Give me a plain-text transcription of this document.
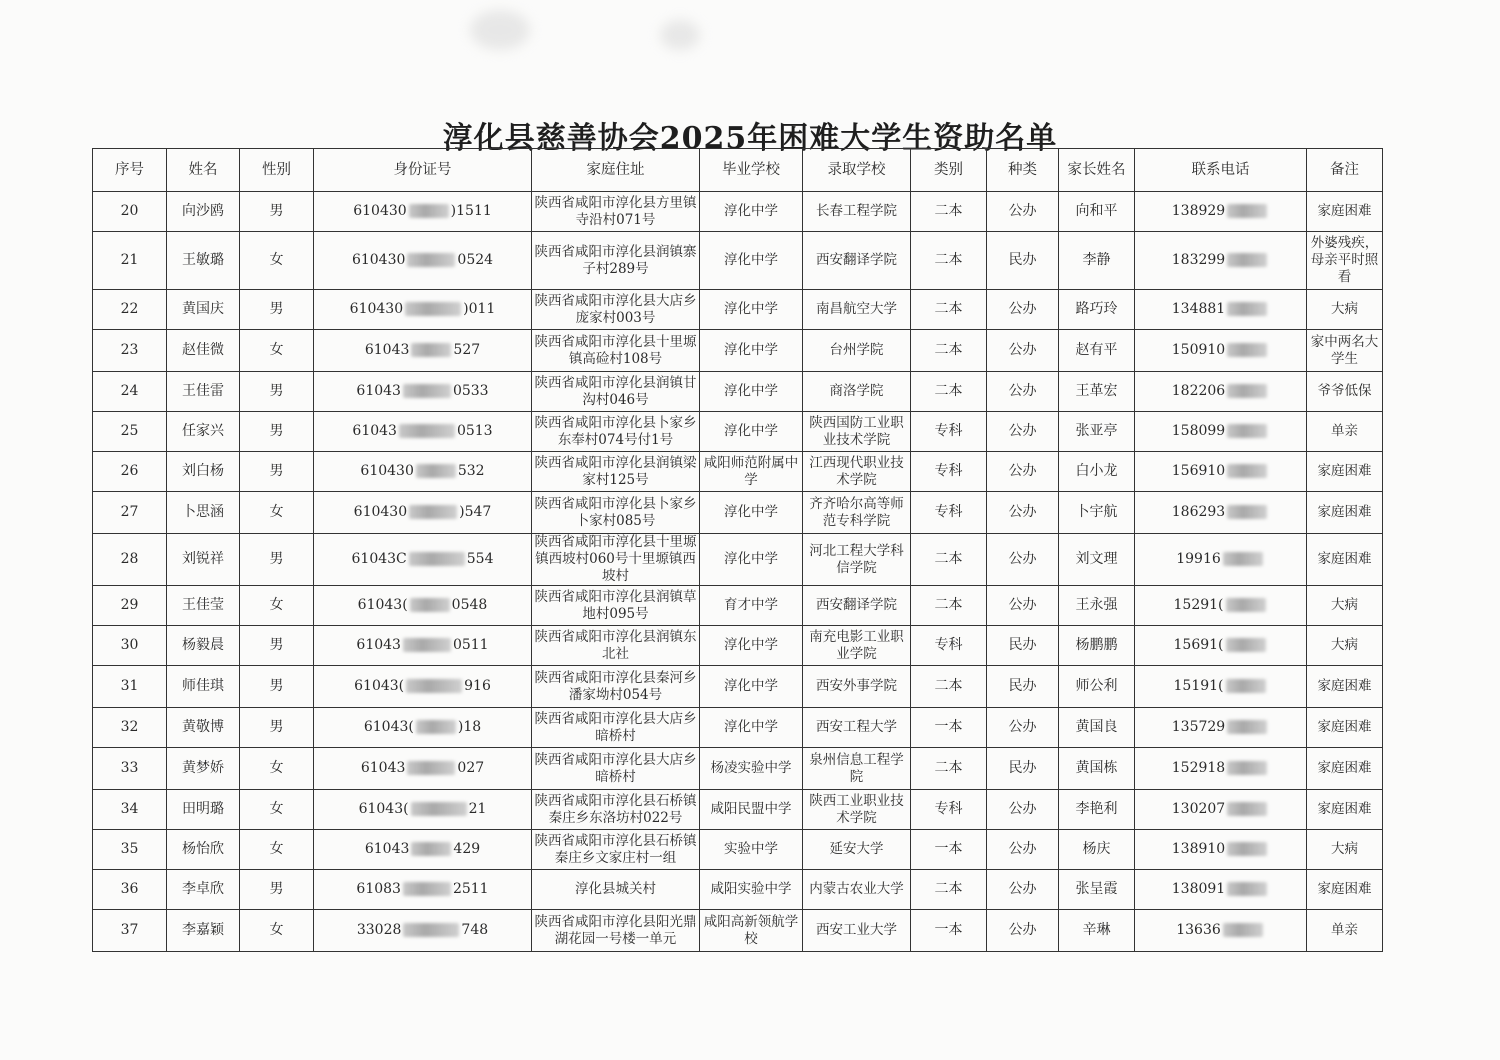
淳化县慈善协会2025年困难大学生资助名单
序号	姓名	性别	身份证号	家庭住址	毕业学校	录取学校	类别	种类	家长姓名	联系电话	备注
20	向沙鸥	男	610430 )1511	陕西省咸阳市淳化县方里镇寺沿村071号	淳化中学	长春工程学院	二本	公办	向和平	138929	家庭困难
21	王敏璐	女	610430 0524	陕西省咸阳市淳化县润镇寨子村289号	淳化中学	西安翻译学院	二本	民办	李静	183299	外婆残疾，母亲平时照看
22	黄国庆	男	610430 )011	陕西省咸阳市淳化县大店乡庞家村003号	淳化中学	南昌航空大学	二本	公办	路巧玲	134881	大病
23	赵佳微	女	61043 527	陕西省咸阳市淳化县十里塬镇高硷村108号	淳化中学	台州学院	二本	公办	赵有平	150910	家中两名大学生
24	王佳雷	男	61043 0533	陕西省咸阳市淳化县润镇甘沟村046号	淳化中学	商洛学院	二本	公办	王革宏	182206	爷爷低保
25	任家兴	男	61043 0513	陕西省咸阳市淳化县卜家乡东奉村074号付1号	淳化中学	陕西国防工业职业技术学院	专科	公办	张亚亭	158099	单亲
26	刘白杨	男	610430 532	陕西省咸阳市淳化县润镇梁家村125号	咸阳师范附属中学	江西现代职业技术学院	专科	公办	白小龙	156910	家庭困难
27	卜思涵	女	610430 )547	陕西省咸阳市淳化县卜家乡卜家村085号	淳化中学	齐齐哈尔高等师范专科学院	专科	公办	卜宇航	186293	家庭困难
28	刘锐祥	男	61043C 554	陕西省咸阳市淳化县十里塬镇西坡村060号十里塬镇西坡村	淳化中学	河北工程大学科信学院	二本	公办	刘文理	19916	家庭困难
29	王佳莹	女	61043( 0548	陕西省咸阳市淳化县润镇草地村095号	育才中学	西安翻译学院	二本	公办	王永强	15291(	大病
30	杨毅晨	男	61043 0511	陕西省咸阳市淳化县润镇东北社	淳化中学	南充电影工业职业学院	专科	民办	杨鹏鹏	15691(	大病
31	师佳琪	男	61043( 916	陕西省咸阳市淳化县秦河乡潘家坳村054号	淳化中学	西安外事学院	二本	民办	师公利	15191(	家庭困难
32	黄敬博	男	61043( )18	陕西省咸阳市淳化县大店乡暗桥村	淳化中学	西安工程大学	一本	公办	黄国良	135729	家庭困难
33	黄梦娇	女	61043 027	陕西省咸阳市淳化县大店乡暗桥村	杨凌实验中学	泉州信息工程学院	二本	民办	黄国栋	152918	家庭困难
34	田明璐	女	61043( 21	陕西省咸阳市淳化县石桥镇秦庄乡东洛坊村022号	咸阳民盟中学	陕西工业职业技术学院	专科	公办	李艳利	130207	家庭困难
35	杨怡欣	女	61043 429	陕西省咸阳市淳化县石桥镇秦庄乡文家庄村一组	实验中学	延安大学	一本	公办	杨庆	138910	大病
36	李卓欣	男	61083 2511	淳化县城关村	咸阳实验中学	内蒙古农业大学	二本	公办	张呈霞	138091	家庭困难
37	李嘉颖	女	33028 748	陕西省咸阳市淳化县阳光鼎湖花园一号楼一单元	咸阳高新领航学校	西安工业大学	一本	公办	辛琳	13636	单亲
